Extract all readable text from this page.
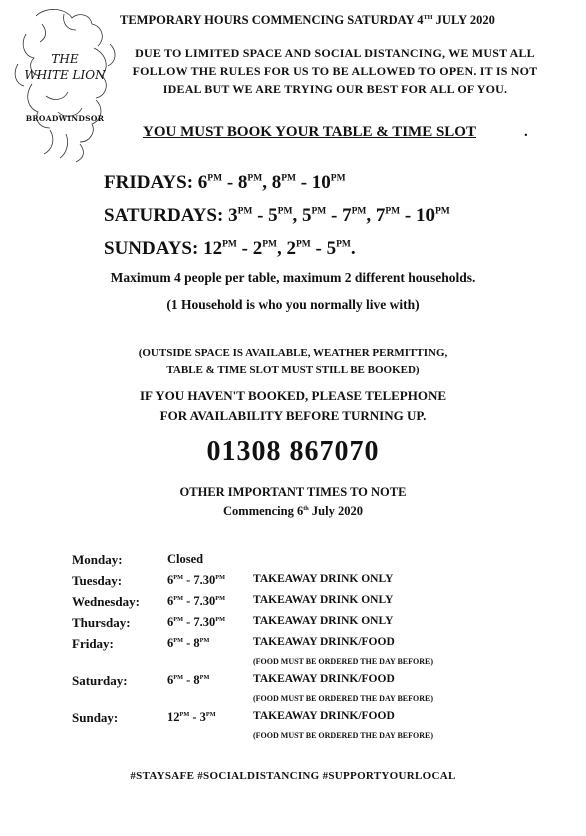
THE
WHITE LION
BROADWINDSOR
TEMPORARY HOURS COMMENCING SATURDAY 4TH JULY 2020
DUE TO LIMITED SPACE AND SOCIAL DISTANCING, WE MUST ALL
FOLLOW THE RULES FOR US TO BE ALLOWED TO OPEN. IT IS NOT
IDEAL BUT WE ARE TRYING OUR BEST FOR ALL OF YOU.
YOU MUST BOOK YOUR TABLE & TIME SLOT	.
FRIDAYS: $6^{PM} - 8^{PM}$, $8^{PM} - 10^{PM}$
SATURDAYS: $3^{PM} - 5^{PM}$, $5^{PM} - 7^{PM}$, $7^{PM} - 10^{PM}$
SUNDAYS: $12^{PM} - 2^{PM}$, $2^{PM} - 5^{PM}$.
Maximum 4 people per table, maximum 2 different households.
(1 Household is who you normally live with)
(OUTSIDE SPACE IS AVAILABLE, WEATHER PERMITTING,
TABLE & TIME SLOT MUST STILL BE BOOKED)
IF YOU HAVEN'T BOOKED, PLEASE TELEPHONE
FOR AVAILABILITY BEFORE TURNING UP.
01308 867070
OTHER IMPORTANT TIMES TO NOTE
Commencing 6th July 2020
Monday:	Closed	
Tuesday:	$6^{PM} - 7.30^{PM}$	TAKEAWAY DRINK ONLY
Wednesday:	$6^{PM} - 7.30^{PM}$	TAKEAWAY DRINK ONLY
Thursday:	$6^{PM} - 7.30^{PM}$	TAKEAWAY DRINK ONLY
Friday:	$6^{PM} - 8^{PM}$	TAKEAWAY DRINK/FOOD
		(FOOD MUST BE ORDERED THE DAY BEFORE)
Saturday:	$6^{PM} - 8^{PM}$	TAKEAWAY DRINK/FOOD
		(FOOD MUST BE ORDERED THE DAY BEFORE)
Sunday:	$12^{PM} - 3^{PM}$	TAKEAWAY DRINK/FOOD
		(FOOD MUST BE ORDERED THE DAY BEFORE)
#STAYSAFE #SOCIALDISTANCING #SUPPORTYOURLOCAL
